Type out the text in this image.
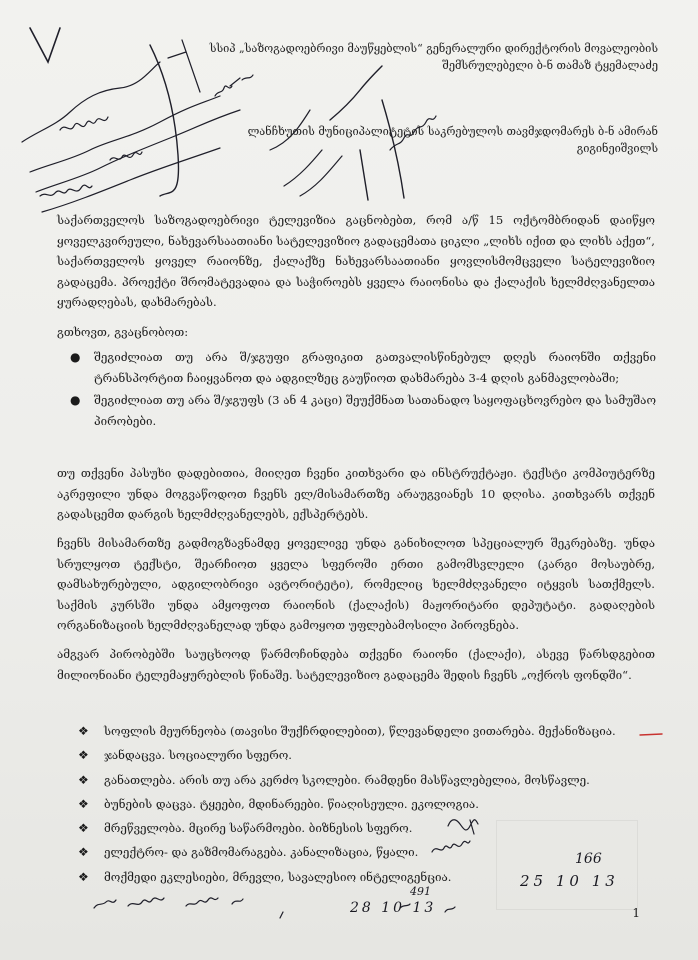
სსიპ „საზოგადოებრივი მაუწყებლის“ გენერალური დირექტორის მოვალეობის შემსრულებელი ბ-ნ თამაზ ტყემალაძე
ლანჩხუთის მუნიციპალიტეტის საკრებულოს თავმჯდომარეს ბ-ნ ამირან გიგინეიშვილს
საქართველოს საზოგადოებრივი ტელევიზია გაცნობებთ, რომ ა/წ 15 ოქტომბრიდან დაიწყო ყოველკვირეული, ნახევარსაათიანი სატელევიზიო გადაცემათა ციკლი „ლიხს იქით და ლიხს აქეთ“, საქართველოს ყოველ რაიონზე, ქალაქზე ნახევარსაათიანი ყოვლისმომცველი სატელევიზიო გადაცემა. პროექტი შრომატევადია და საჭიროებს ყველა რაიონისა და ქალაქის ხელმძღვანელთა ყურადღებას, დახმარებას.
გთხოვთ, გვაცნობოთ:
● შეგიძლიათ თუ არა შ/ჯგუფი გრაფიკით გათვალისწინებულ დღეს რაიონში თქვენი ტრანსპორტით ჩაიყვანოთ და ადგილზეც გაუწიოთ დახმარება 3-4 დღის განმავლობაში;
● შეგიძლიათ თუ არა შ/ჯგუფს (3 ან 4 კაცი) შეუქმნათ სათანადო საყოფაცხოვრებო და სამუშაო პირობები.
თუ თქვენი პასუხი დადებითია, მიიღეთ ჩვენი კითხვარი და ინსტრუქტაჟი. ტექსტი კომპიუტერზე აკრეფილი უნდა მოგვაწოდოთ ჩვენს ელ/მისამართზე არაუგვიანეს 10 დღისა. კითხვარს თქვენ გადასცემთ დარგის ხელმძღვანელებს, ექსპერტებს.
ჩვენს მისამართზე გადმოგზავნამდე ყოველივე უნდა განიხილოთ სპეციალურ შეკრებაზე. უნდა სრულყოთ ტექსტი, შეარჩიოთ ყველა სფეროში ერთი გამომსვლელი (კარგი მოსაუბრე, დამსახურებული, ადგილობრივი ავტორიტეტი), რომელიც ხელმძღვანელი იტყვის სათქმელს. საქმის კურსში უნდა ამყოფოთ რაიონის (ქალაქის) მაჟორიტარი დეპუტატი. გადაღების ორგანიზაციის ხელმძღვანელად უნდა გამოყოთ უფლებამოსილი პიროვნება.
ამგვარ პირობებში საუცხოოდ წარმოჩინდება თქვენი რაიონი (ქალაქი), ასევე წარსდგებით მილიონიანი ტელემაყურებლის წინაშე. სატელევიზიო გადაცემა შედის ჩვენს „ოქროს ფონდში“.
❖ სოფლის მეურნეობა (თავისი შუქჩრდილებით), წლევანდელი ვითარება. მექანიზაცია.
❖ ჯანდაცვა. სოციალური სფერო.
❖ განათლება. არის თუ არა კერძო სკოლები. რამდენი მასწავლებელია, მოსწავლე.
❖ ბუნების დაცვა. ტყეები, მდინარეები. წიაღისეული. ეკოლოგია.
❖ მრეწველობა. მცირე საწარმოები. ბიზნესის სფერო.
❖ ელექტრო- და გაზმომარაგება. კანალიზაცია, წყალი.
❖ მოქმედი ეკლესიები, მრევლი, სავალესიო ინტელიგენცია.
166
25 10 13
491
28 10 13	1
